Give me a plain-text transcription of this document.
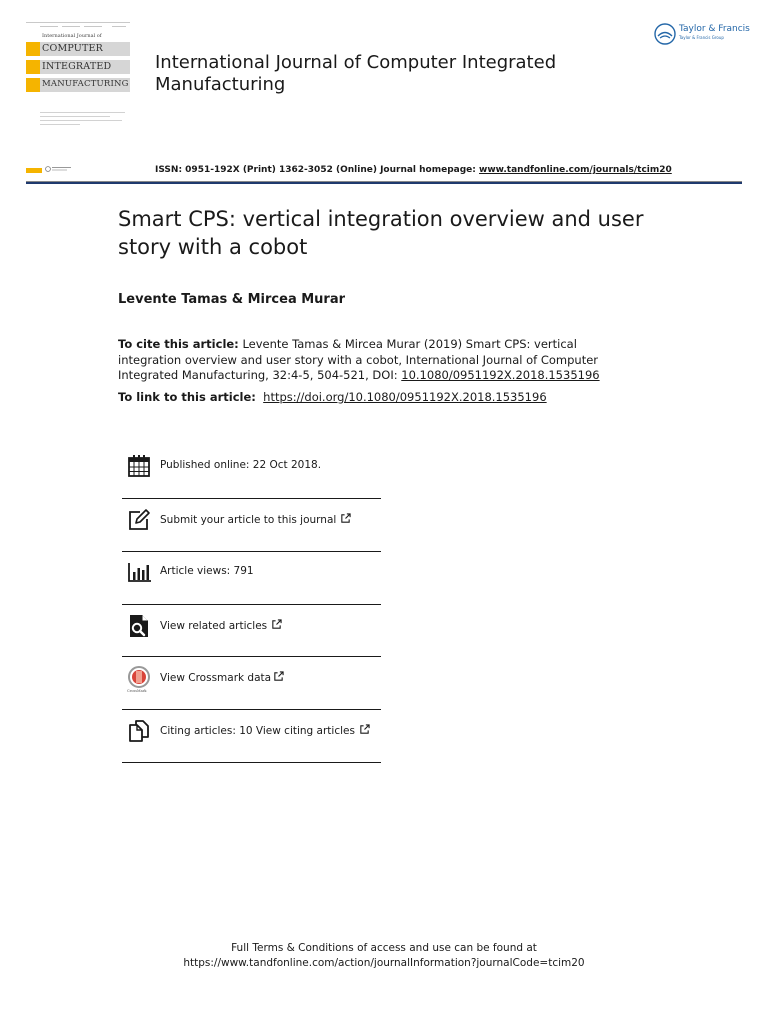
International Journal of
COMPUTER
INTEGRATED
MANUFACTURING
International Journal of Computer Integrated Manufacturing
Taylor & Francis
Taylor & Francis Group
ISSN: 0951-192X (Print) 1362-3052 (Online) Journal homepage: www.tandfonline.com/journals/tcim20
Smart CPS: vertical integration overview and user story with a cobot
Levente Tamas & Mircea Murar
To cite this article: Levente Tamas & Mircea Murar (2019) Smart CPS: vertical integration overview and user story with a cobot, International Journal of Computer Integrated Manufacturing, 32:4-5, 504-521, DOI: 10.1080/0951192X.2018.1535196
To link to this article: https://doi.org/10.1080/0951192X.2018.1535196
Published online: 22 Oct 2018.
Submit your article to this journal
Article views: 791
View related articles
CrossMark
View Crossmark data
Citing articles: 10 View citing articles
Full Terms & Conditions of access and use can be found at
https://www.tandfonline.com/action/journalInformation?journalCode=tcim20
